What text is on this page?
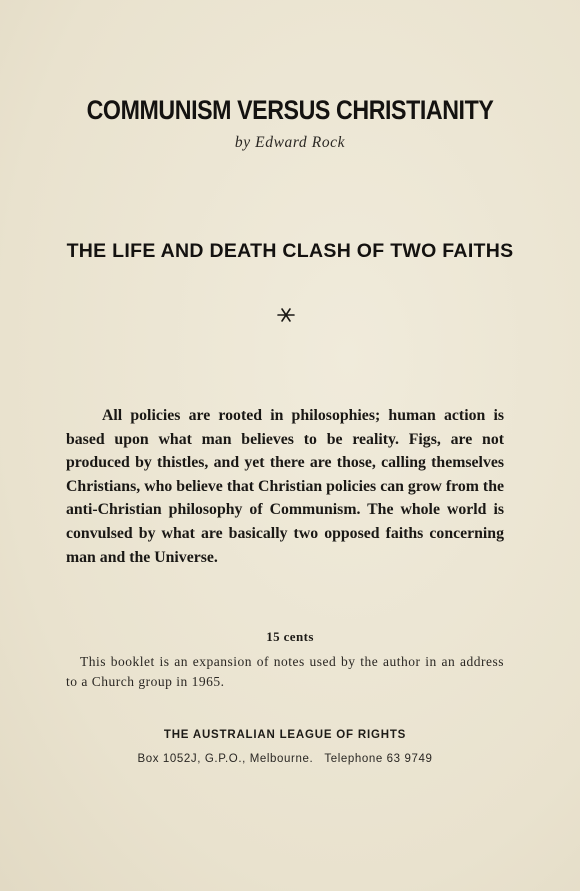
COMMUNISM VERSUS CHRISTIANITY
by Edward Rock
THE LIFE AND DEATH CLASH OF TWO FAITHS

All policies are rooted in philosophies; human action is based upon what man believes to be reality. Figs, are not produced by thistles, and yet there are those, calling themselves Christians, who believe that Christian policies can grow from the anti-Christian philosophy of Communism. The whole world is convulsed by what are basically two opposed faiths concerning man and the Universe.

15 cents

This booklet is an expansion of notes used by the author in an address to a Church group in 1965.

THE AUSTRALIAN LEAGUE OF RIGHTS
Box 1052J, G.P.O., Melbourne.   Telephone 63 9749
